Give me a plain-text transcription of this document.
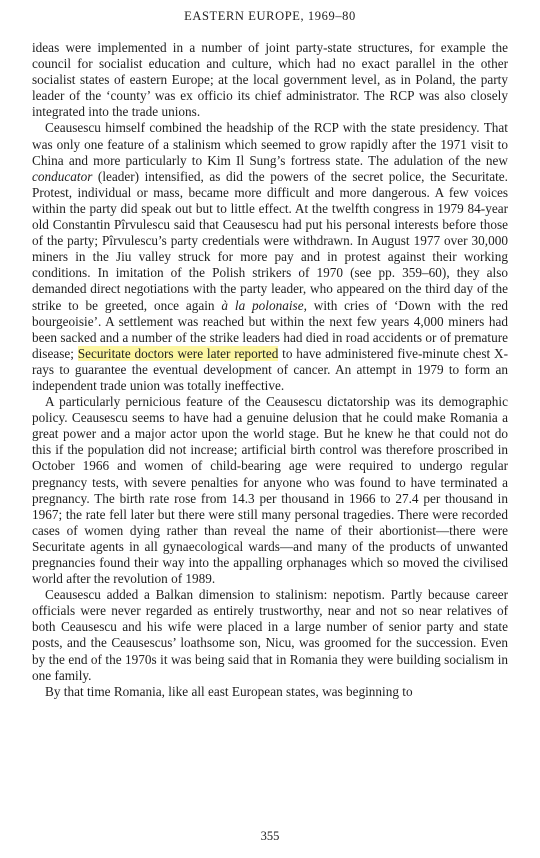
EASTERN EUROPE, 1969–80

ideas were implemented in a number of joint party-state structures, for example the council for socialist education and culture, which had no exact parallel in the other socialist states of eastern Europe; at the local government level, as in Poland, the party leader of the ‘county’ was ex officio its chief administrator. The RCP was also closely integrated into the trade unions.

Ceausescu himself combined the headship of the RCP with the state presidency. That was only one feature of a stalinism which seemed to grow rapidly after the 1971 visit to China and more particularly to Kim Il Sung’s fortress state. The adulation of the new conducator (leader) intensified, as did the powers of the secret police, the Securitate. Protest, individual or mass, became more difficult and more dangerous. A few voices within the party did speak out but to little effect. At the twelfth congress in 1979 84-year old Constantin Pîrvulescu said that Ceausescu had put his personal interests before those of the party; Pîrvulescu’s party credentials were withdrawn. In August 1977 over 30,000 miners in the Jiu valley struck for more pay and in protest against their working conditions. In imitation of the Polish strikers of 1970 (see pp. 359–60), they also demanded direct negotiations with the party leader, who appeared on the third day of the strike to be greeted, once again à la polonaise, with cries of ‘Down with the red bourgeoisie’. A settlement was reached but within the next few years 4,000 miners had been sacked and a number of the strike leaders had died in road accidents or of premature disease; Securitate doctors were later reported to have administered five-minute chest X-rays to guarantee the eventual development of cancer. An attempt in 1979 to form an independent trade union was totally ineffective.

A particularly pernicious feature of the Ceausescu dictatorship was its demographic policy. Ceausescu seems to have had a genuine delusion that he could make Romania a great power and a major actor upon the world stage. But he knew he that could not do this if the population did not increase; artificial birth control was therefore proscribed in October 1966 and women of child-bearing age were required to undergo regular pregnancy tests, with severe penalties for anyone who was found to have terminated a pregnancy. The birth rate rose from 14.3 per thousand in 1966 to 27.4 per thousand in 1967; the rate fell later but there were still many personal tragedies. There were recorded cases of women dying rather than reveal the name of their abortionist—there were Securitate agents in all gynaecological wards—and many of the products of unwanted pregnancies found their way into the appalling orphanages which so moved the civilised world after the revolution of 1989.

Ceausescu added a Balkan dimension to stalinism: nepotism. Partly because career officials were never regarded as entirely trustworthy, near and not so near relatives of both Ceausescu and his wife were placed in a large number of senior party and state posts, and the Ceausescus’ loathsome son, Nicu, was groomed for the succession. Even by the end of the 1970s it was being said that in Romania they were building socialism in one family.

By that time Romania, like all east European states, was beginning to

355
